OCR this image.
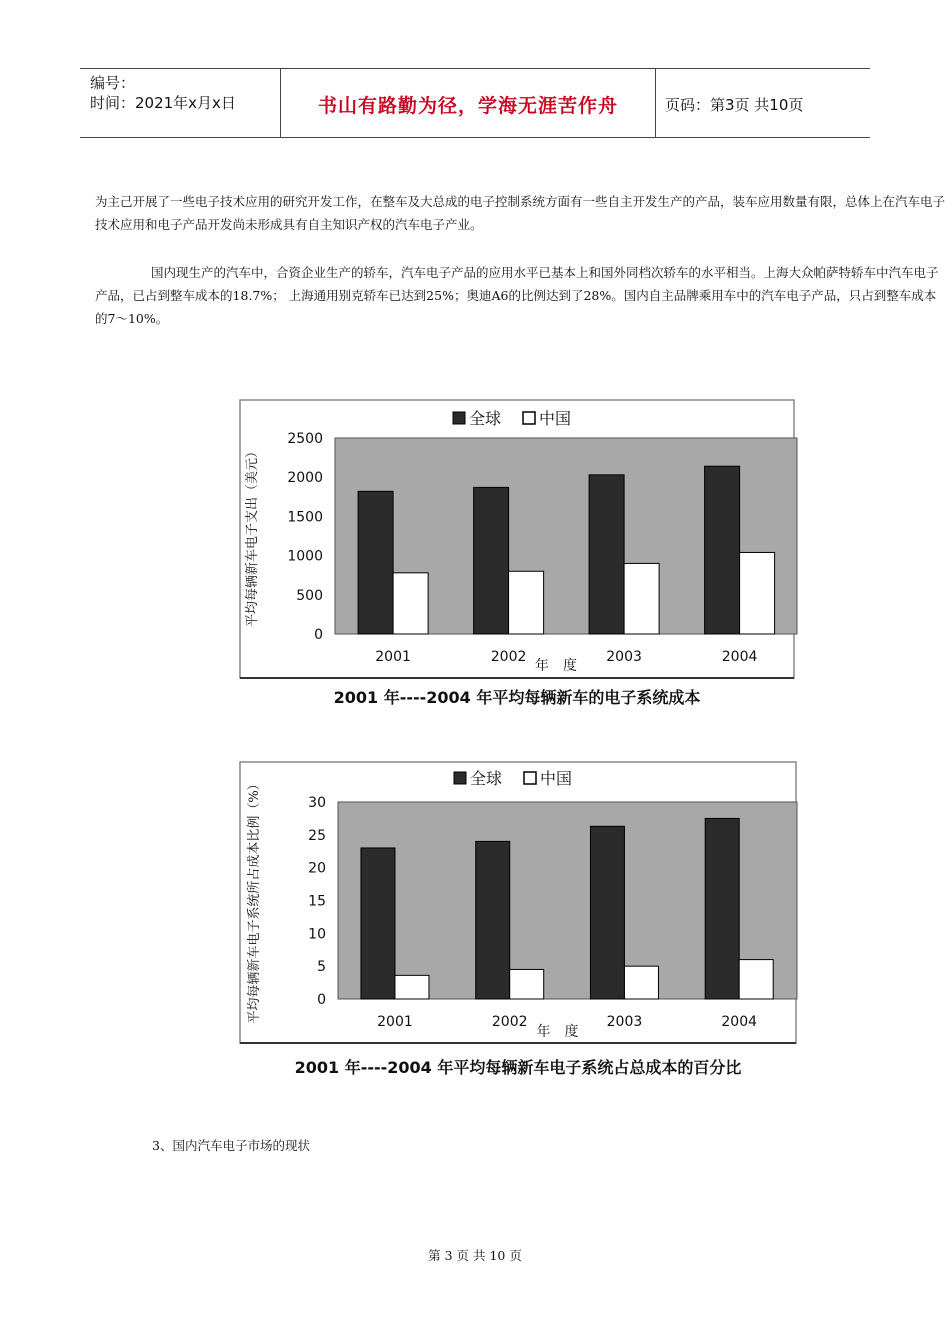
编号：
时间：2021年x月x日	书山有路勤为径，学海无涯苦作舟	页码：第3页 共10页

为主己开展了一些电子技术应用的研究开发工作，在整车及大总成的电子控制系统方面有一些自主开发生产的产品，装车应用数量有限，总体上在汽车电子技术应用和电子产品开发尚未形成具有自主知识产权的汽车电子产业。

国内现生产的汽车中，合资企业生产的轿车，汽车电子产品的应用水平已基本上和国外同档次轿车的水平相当。上海大众帕萨特轿车中汽车电子产品，已占到整车成本的18.7%； 上海通用别克轿车已达到25%；奥迪A6的比例达到了28%。国内自主品牌乘用车中的汽车电子产品，只占到整车成本的7～10%。

全球 中国
0
500
1000
1500
2000
2500
2001	2002	2003	2004
年　度
平均每辆新车电子支出（美元）
2001 年----2004 年平均每辆新车的电子系统成本
全球 中国
0
5
10
15
20
25
30
2001	2002	2003	2004
年　度
平均每辆新车电子系统所占成本比例（%）
2001 年----2004 年平均每辆新车电子系统占总成本的百分比
3、国内汽车电子市场的现状
第 3 页 共 10 页
